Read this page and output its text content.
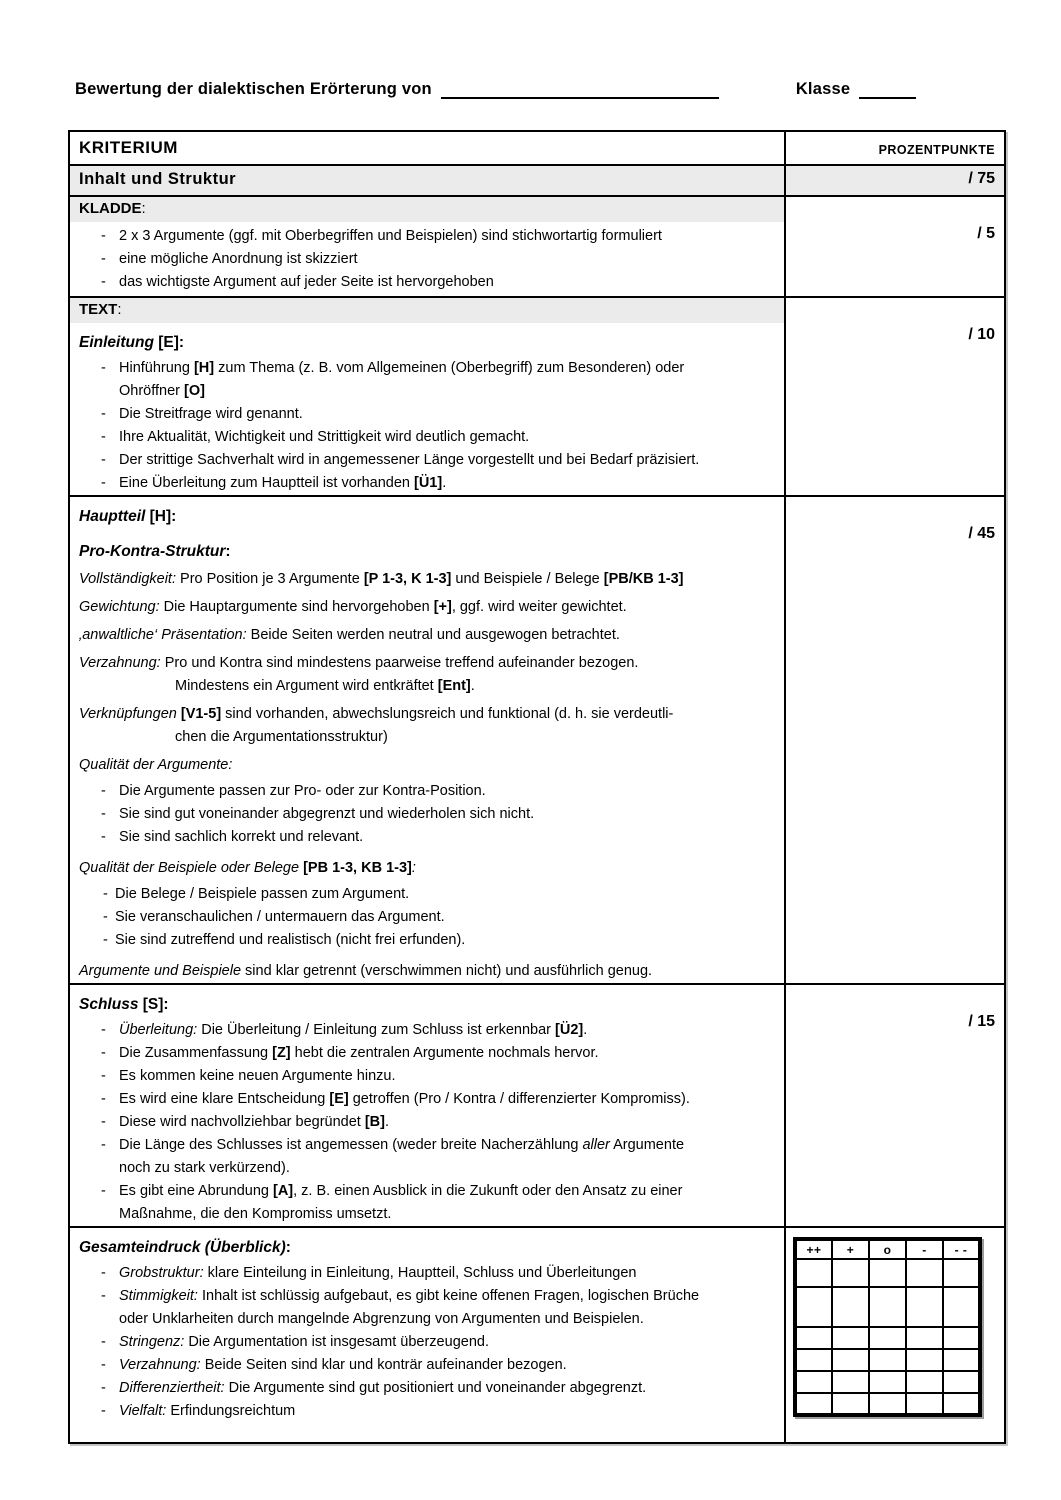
Bewertung der dialektischen Erörterung von	Klasse
KRITERIUM	PROZENTPUNKTE
Inhalt und Struktur	/ 75
KLADDE:
- 2 x 3 Argumente (ggf. mit Oberbegriffen und Beispielen) sind stichwortartig formuliert
- eine mögliche Anordnung ist skizziert
- das wichtigste Argument auf jeder Seite ist hervorgehoben
/ 5
TEXT:
Einleitung [E]:
- Hinführung [H] zum Thema (z. B. vom Allgemeinen (Oberbegriff) zum Besonderen) oder
Ohröffner [O]
- Die Streitfrage wird genannt.
- Ihre Aktualität, Wichtigkeit und Strittigkeit wird deutlich gemacht.
- Der strittige Sachverhalt wird in angemessener Länge vorgestellt und bei Bedarf präzisiert.
- Eine Überleitung zum Hauptteil ist vorhanden [Ü1].
/ 10
Hauptteil [H]:
Pro-Kontra-Struktur:
Vollständigkeit: Pro Position je 3 Argumente [P 1-3, K 1-3] und Beispiele / Belege [PB/KB 1-3]
Gewichtung: Die Hauptargumente sind hervorgehoben [+], ggf. wird weiter gewichtet.
‚anwaltliche‘ Präsentation: Beide Seiten werden neutral und ausgewogen betrachtet.
Verzahnung: Pro und Kontra sind mindestens paarweise treffend aufeinander bezogen.
Mindestens ein Argument wird entkräftet [Ent].
Verknüpfungen [V1-5] sind vorhanden, abwechslungsreich und funktional (d. h. sie verdeutli-
chen die Argumentationsstruktur)
Qualität der Argumente:
- Die Argumente passen zur Pro- oder zur Kontra-Position.
- Sie sind gut voneinander abgegrenzt und wiederholen sich nicht.
- Sie sind sachlich korrekt und relevant.
Qualität der Beispiele oder Belege [PB 1-3, KB 1-3]:
- Die Belege / Beispiele passen zum Argument.
- Sie veranschaulichen / untermauern das Argument.
- Sie sind zutreffend und realistisch (nicht frei erfunden).
Argumente und Beispiele sind klar getrennt (verschwimmen nicht) und ausführlich genug.
/ 45
Schluss [S]:
- Überleitung: Die Überleitung / Einleitung zum Schluss ist erkennbar [Ü2].
- Die Zusammenfassung [Z] hebt die zentralen Argumente nochmals hervor.
- Es kommen keine neuen Argumente hinzu.
- Es wird eine klare Entscheidung [E] getroffen (Pro / Kontra / differenzierter Kompromiss).
- Diese wird nachvollziehbar begründet [B].
- Die Länge des Schlusses ist angemessen (weder breite Nacherzählung aller Argumente
noch zu stark verkürzend).
- Es gibt eine Abrundung [A], z. B. einen Ausblick in die Zukunft oder den Ansatz zu einer
Maßnahme, die den Kompromiss umsetzt.
/ 15
Gesamteindruck (Überblick):
- Grobstruktur: klare Einteilung in Einleitung, Hauptteil, Schluss und Überleitungen
- Stimmigkeit: Inhalt ist schlüssig aufgebaut, es gibt keine offenen Fragen, logischen Brüche
oder Unklarheiten durch mangelnde Abgrenzung von Argumenten und Beispielen.
- Stringenz: Die Argumentation ist insgesamt überzeugend.
- Verzahnung: Beide Seiten sind klar und konträr aufeinander bezogen.
- Differenziertheit: Die Argumente sind gut positioniert und voneinander abgegrenzt.
- Vielfalt: Erfindungsreichtum
++	+	o	-	- -
